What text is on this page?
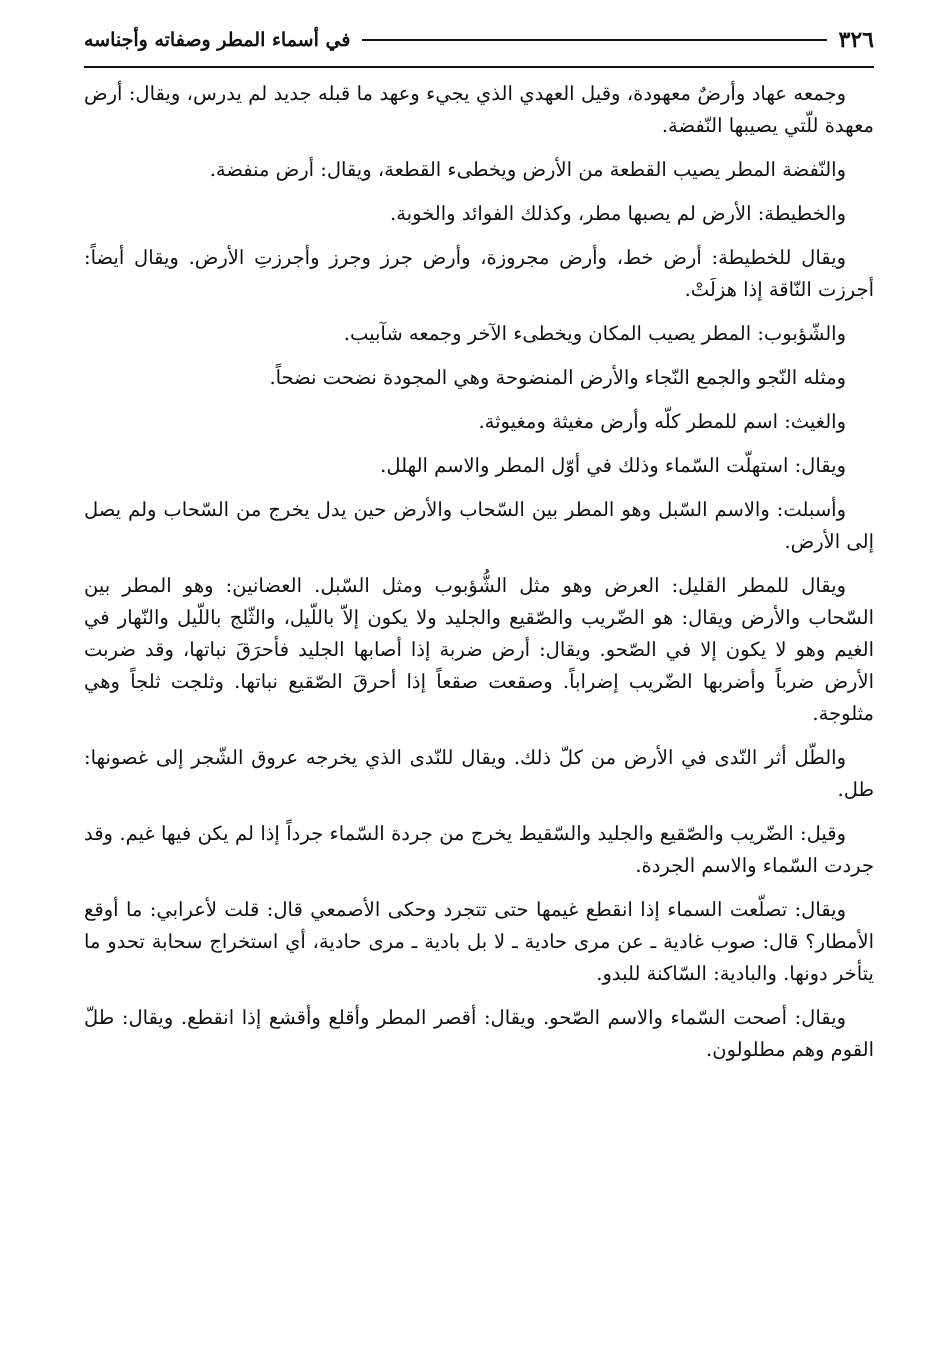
٣٢٦
في أسماء المطر وصفاته وأجناسه

وجمعه عهاد وأرضٌ معهودة، وقيل العهدي الذي يجيء وعهد ما قبله جديد لم يدرس، ويقال: أرض معهدة للّتي يصيبها النّفضة.

والنّفضة المطر يصيب القطعة من الأرض ويخطىء القطعة، ويقال: أرض منفضة.

والخطيطة: الأرض لم يصبها مطر، وكذلك الفوائد والخوبة.

ويقال للخطيطة: أرض خط، وأرض مجروزة، وأرض جرز وجرز وأجرزتِ الأرض. ويقال أيضاً: أجرزت النّاقة إذا هزلَتْ.

والشّؤبوب: المطر يصيب المكان ويخطىء الآخر وجمعه شآبيب.

ومثله النّجو والجمع النّجاء والأرض المنضوحة وهي المجودة نضحت نضحاً.

والغيث: اسم للمطر كلّه وأرض مغيثة ومغيوثة.

ويقال: استهلّت السّماء وذلك في أوّل المطر والاسم الهلل.

وأسبلت: والاسم السّبل وهو المطر بين السّحاب والأرض حين يدل يخرج من السّحاب ولم يصل إلى الأرض.

ويقال للمطر القليل: العرض وهو مثل الشُّؤبوب ومثل السّبل. العضانين: وهو المطر بين السّحاب والأرض ويقال: هو الضّريب والصّقيع والجليد ولا يكون إلاّ باللّيل، والثّلج باللّيل والنّهار في الغيم وهو لا يكون إلا في الصّحو. ويقال: أرض ضربة إذا أصابها الجليد فأحرَقَ نباتها، وقد ضربت الأرض ضرباً وأضربها الضّريب إضراباً. وصقعت صقعاً إذا أحرقَ الصّقيع نباتها. وثلجت ثلجاً وهي مثلوجة.

والطّل أثر النّدى في الأرض من كلّ ذلك. ويقال للنّدى الذي يخرجه عروق الشّجر إلى غصونها: طل.

وقيل: الضّريب والصّقيع والجليد والسّقيط يخرج من جردة السّماء جرداً إذا لم يكن فيها غيم. وقد جردت السّماء والاسم الجردة.

ويقال: تصلّعت السماء إذا انقطع غيمها حتى تتجرد وحكى الأصمعي قال: قلت لأعرابي: ما أوقع الأمطار؟ قال: صوب غادية ـ عن مرى حادية ـ لا بل بادية ـ مرى حادية، أي استخراج سحابة تحدو ما يتأخر دونها. والبادية: السّاكنة للبدو.

ويقال: أصحت السّماء والاسم الصّحو. ويقال: أقصر المطر وأقلع وأقشع إذا انقطع. ويقال: طلّ القوم وهم مطلولون.
